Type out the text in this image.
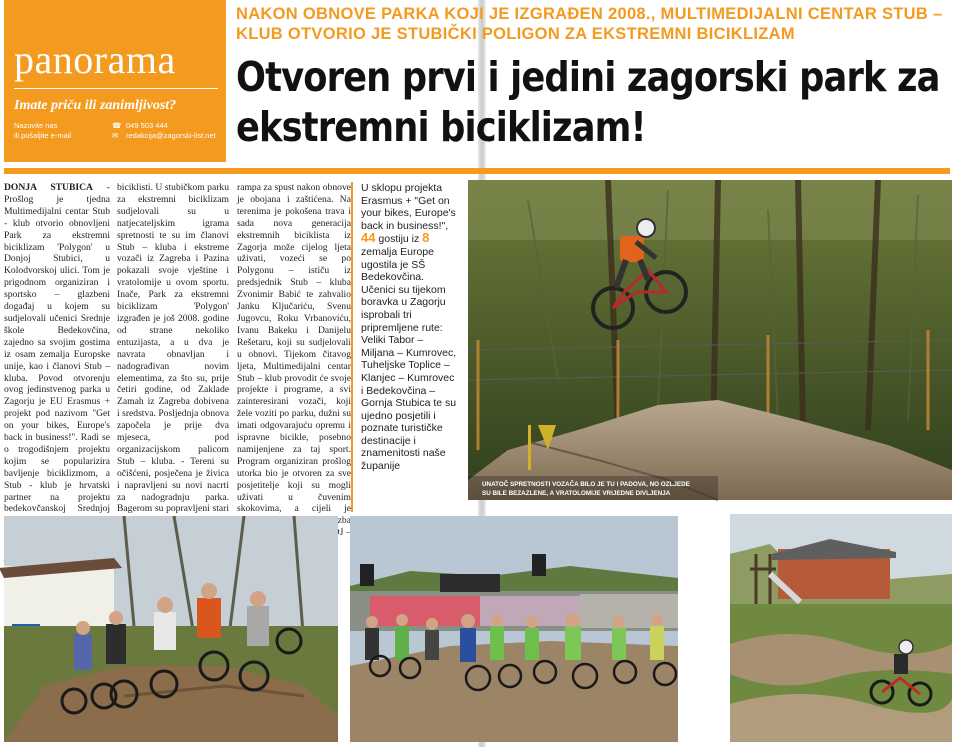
panorama
Imate priču ili zanimljivost?
Nazovite nas
ili pošaljite e-mail
☎ 049 503 444
✉	redakcija@zagorski-list.net
NAKON OBNOVE PARKA KOJI JE IZGRAĐEN 2008., MULTIMEDIJALNI CENTAR STUB – KLUB OTVORIO JE STUBIČKI POLIGON ZA EKSTREMNI BICIKLIZAM
Otvoren prvi i jedini zagorski park za ekstremni biciklizam!
DONJA STUBICA - Prošlog je tjedna Multimedijalni centar Stub - klub otvorio obnovljeni Park za ekstremni biciklizam 'Polygon' u Donjoj Stubici, u Kolodvorskoj ulici. Tom je prigodnom organiziran i sportsko – glazbeni događaj u kojem su sudjelovali učenici Srednje škole Bedekovčina, zajedno sa svojim gostima iz osam zemalja Europske unije, kao i članovi Stub – kluba. Povod otvorenju ovog jedinstvenog parka u Zagorju je EU Erasmus + projekt pod nazivom "Get on your bikes, Europe's back in business!". Radi se o trogodišnjem projektu kojim se popularizira bavljenje biciklizmom, a Stub - klub je hrvatski partner na projektu bedekovčanskoj Srednjoj
biciklisti. U stubičkom parku za ekstremni biciklizam sudjelovali su u natjecateljskim igrama spretnosti te su im članovi Stub – kluba i ekstreme vozači iz Zagreba i Pazina pokazali svoje vještine i vratolomije u ovom sportu. Inače, Park za ekstremni biciklizam 'Polygon' izgrađen je još 2008. godine od strane nekoliko entuzijasta, a u dva je navrata obnavljan i nadograđivan novim elementima, za što su, prije četiri godine, od Zaklade Zamah iz Zagreba dobivena i sredstva. Posljednja obnova započela je prije dva mjeseca, pod organizacijskom palicom Stub – kluba. - Tereni su očišćeni, posječena je živica i napravljeni su novi nacrti za nadogradnju parka. Bagerom su popravljeni stari
rampa za spust nakon obnove je obojana i zaštićena. Na terenima je pokošena trava i sada nova generacija ekstremnih biciklista iz Zagorja može cijelog ljeta uživati, vozeći se po Polygonu – ističu iz predsjednik Stub – kluba Zvonimir Babić te zahvalio Janku Ključariću, Svenu Jugovcu, Roku Vrbanoviću, Ivanu Bakeku i Danijelu Rešetaru, koji su sudjelovali u obnovi. Tijekom čitavog ljeta, Multimedijalni centar Stub – klub provodit će svoje projekte i programe, a svi zainteresirani vozači, koji žele voziti po parku, dužni su imati odgovarajuću opremu i ispravne bicikle, posebno namijenjene za taj sport. Program organiziran prošlog utorka bio je otvoren za sve posjetitelje koji su mogli uživati u čuvenim skokovima, a cijeli je glazba DJ –
U sklopu projekta Erasmus + "Get on your bikes, Europe's back in business!", 44 gostiju iz 8 zemalja Europe ugostila je SŠ Bedekovčina. Učenici su tijekom boravka u Zagorju isprobali tri pripremljene rute: Veliki Tabor – Miljana – Kumrovec, Tuheljske Toplice – Klanjec – Kumrovec i Bedekovčina – Gornja Stubica te su ujedno posjetili i poznate turističke destinacije i znamenitosti naše županije
UNATOČ SPRETNOSTI VOZAČA BILO JE TU I PADOVA, NO OZLJEDE
SU BILE BEZAZLENE, A VRATOLOMIJE VRIJEDNE DIVLJENJA
